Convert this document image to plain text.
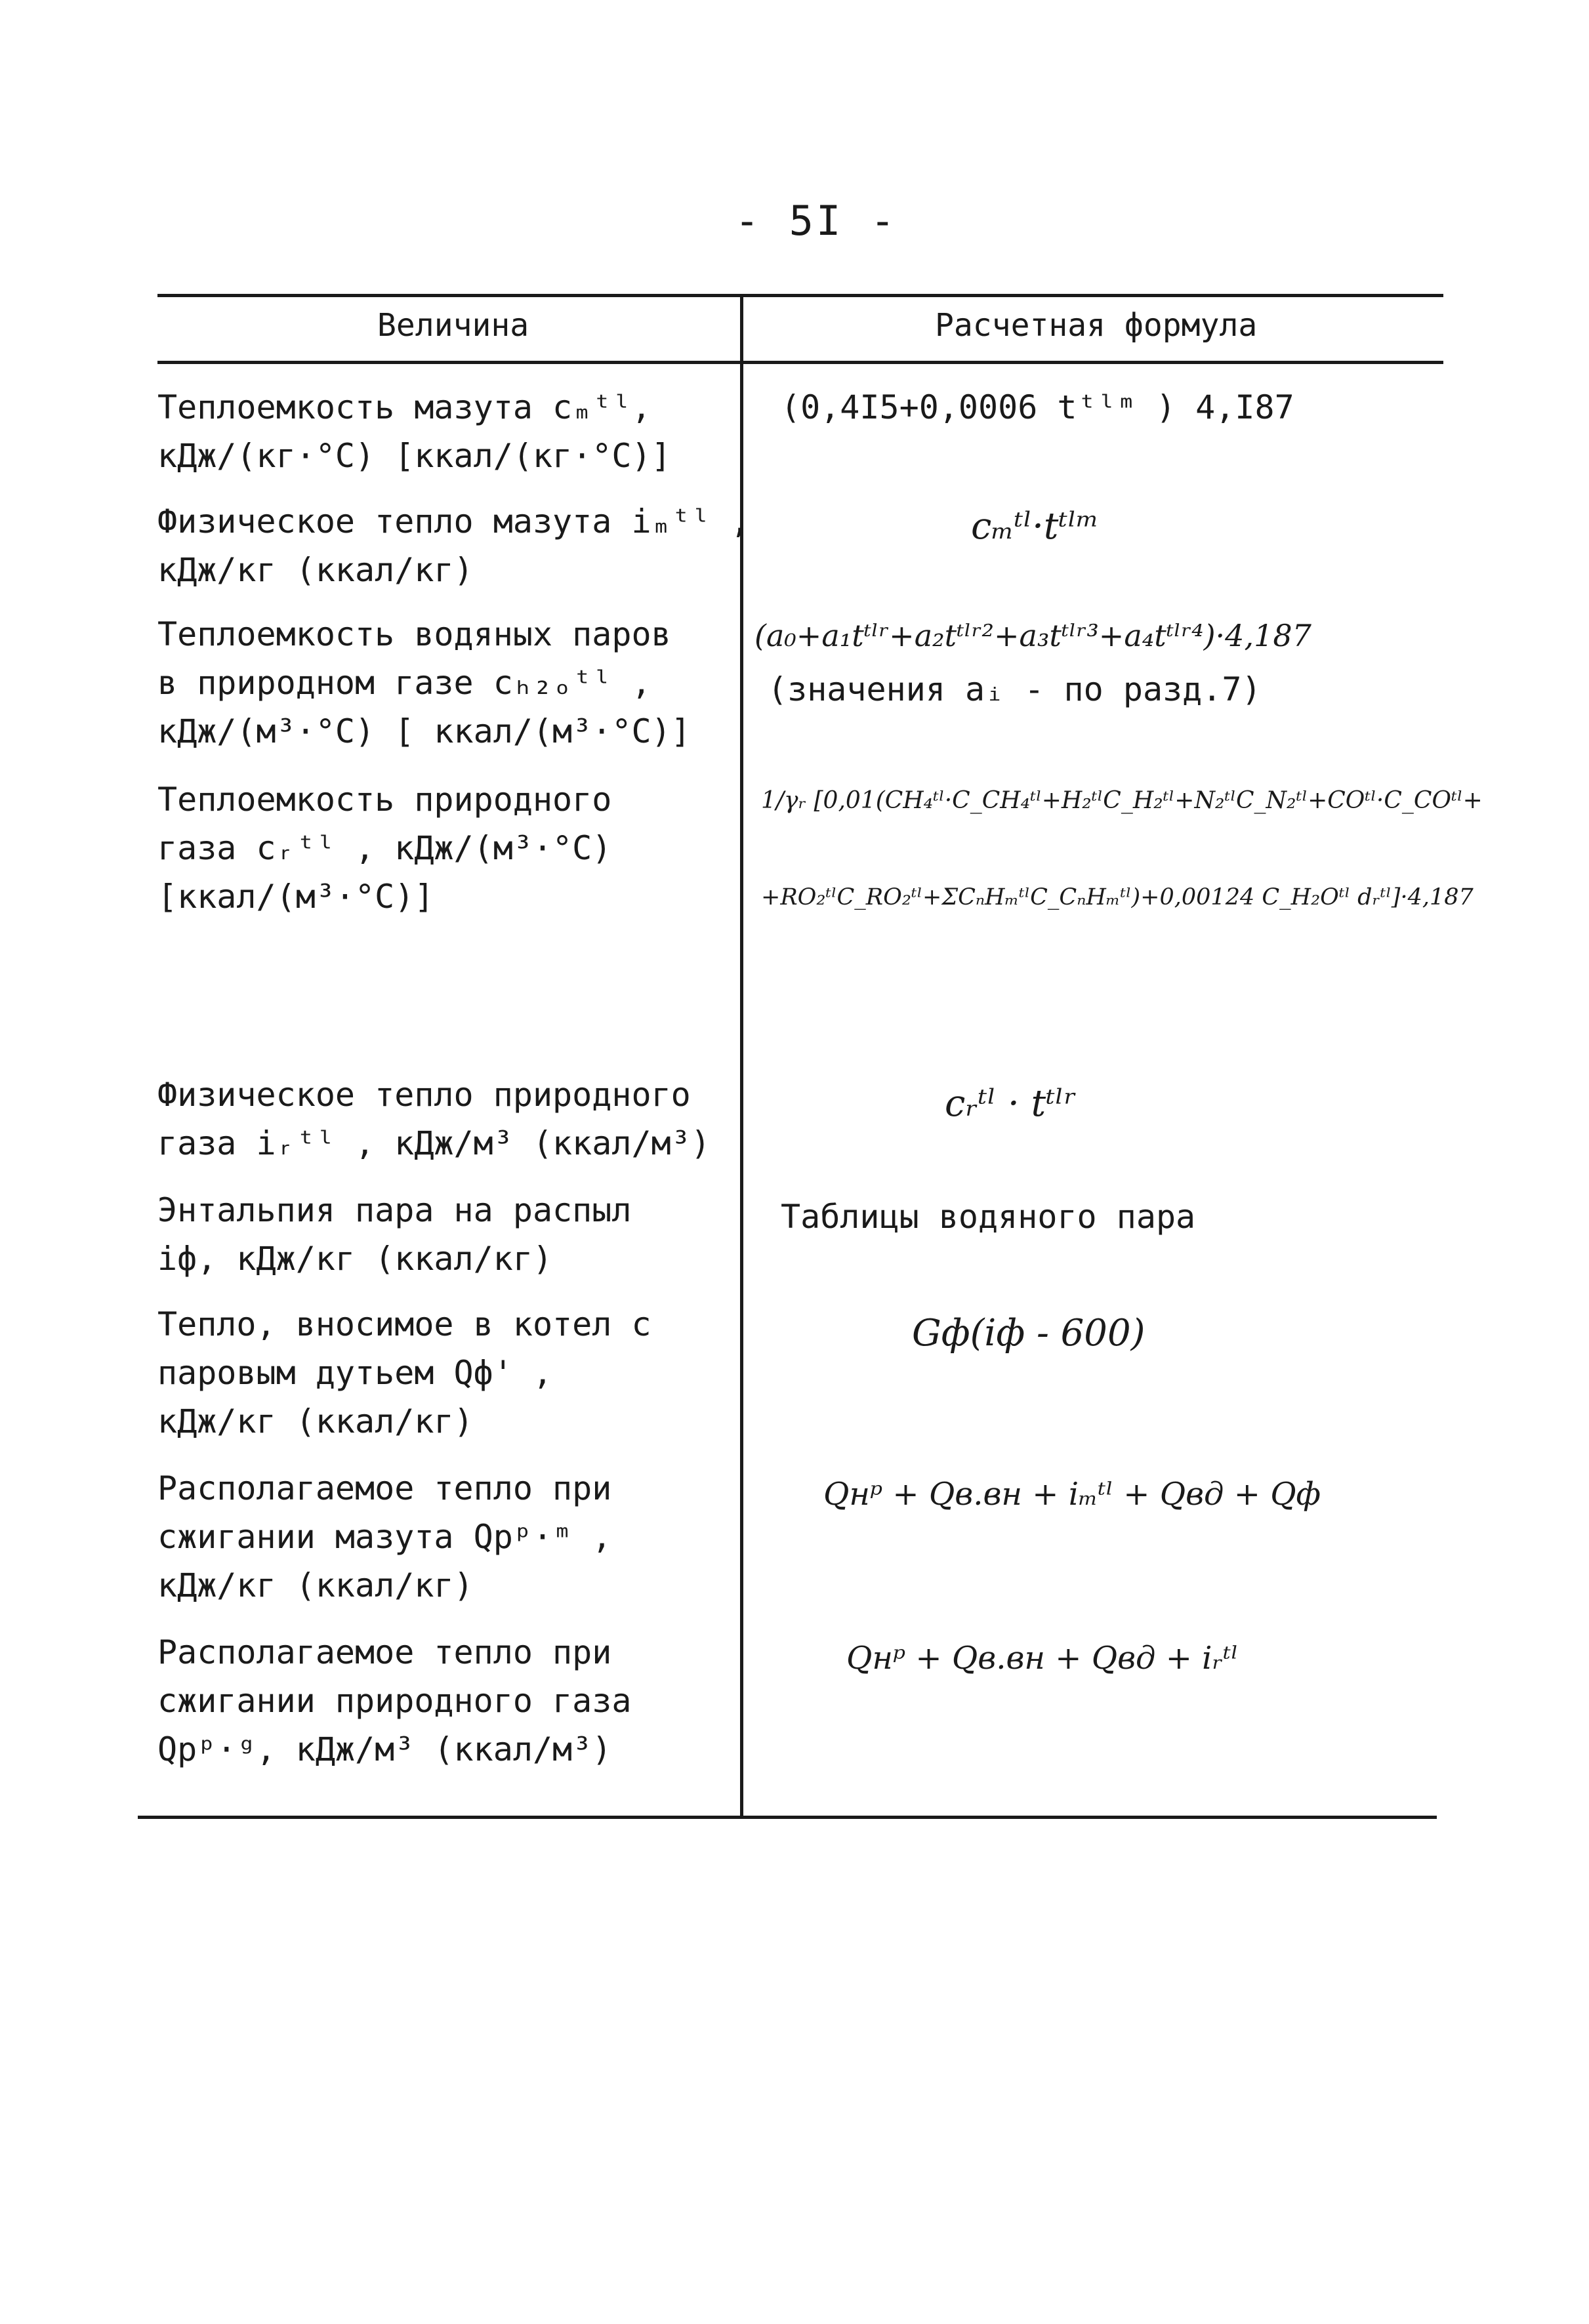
- 5I -
Величина	Расчетная формула
Теплоемкость мазута cₘᵗˡ,
кДж/(кг·°C) [ккал/(кг·°C)]
(0,4I5+0,0006 tᵗˡᵐ ) 4,I87
Физическое тепло мазута iₘᵗˡ ,
кДж/кг (ккал/кг)
cₘᵗˡ·tᵗˡᵐ
Теплоемкость водяных паров
в природном газе cₕ₂ₒᵗˡ ,
кДж/(м³·°C) [ ккал/(м³·°C)]
(a₀+a₁tᵗˡʳ+a₂tᵗˡʳ²+a₃tᵗˡʳ³+a₄tᵗˡʳ⁴)·4,187
(значения aᵢ - по разд.7)
Теплоемкость природного
газа cᵣᵗˡ , кДж/(м³·°C)
[ккал/(м³·°C)]
1/γᵣ [0,01(CH₄ᵗˡ·C_CH₄ᵗˡ+H₂ᵗˡC_H₂ᵗˡ+N₂ᵗˡC_N₂ᵗˡ+COᵗˡ·C_COᵗˡ+
+RO₂ᵗˡC_RO₂ᵗˡ+ΣCₙHₘᵗˡC_CₙHₘᵗˡ)+0,00124 C_H₂Oᵗˡ dᵣᵗˡ]·4,187
Физическое тепло природного
газа iᵣᵗˡ , кДж/м³ (ккал/м³)
cᵣᵗˡ · tᵗˡʳ
Энтальпия пара на распыл
iф, кДж/кг (ккал/кг)
Таблицы водяного пара
Тепло, вносимое в котел с
паровым дутьем Qф' ,
кДж/кг (ккал/кг)
Gф(iф - 600)
Располагаемое тепло при
сжигании мазута Qрᵖ·ᵐ ,
кДж/кг (ккал/кг)
Qнᵖ + Qв.вн + iₘᵗˡ + Qвд + Qф
Располагаемое тепло при
сжигании природного газа
Qрᵖ·ᵍ, кДж/м³ (ккал/м³)
Qнᵖ + Qв.вн + Qвд + iᵣᵗˡ
